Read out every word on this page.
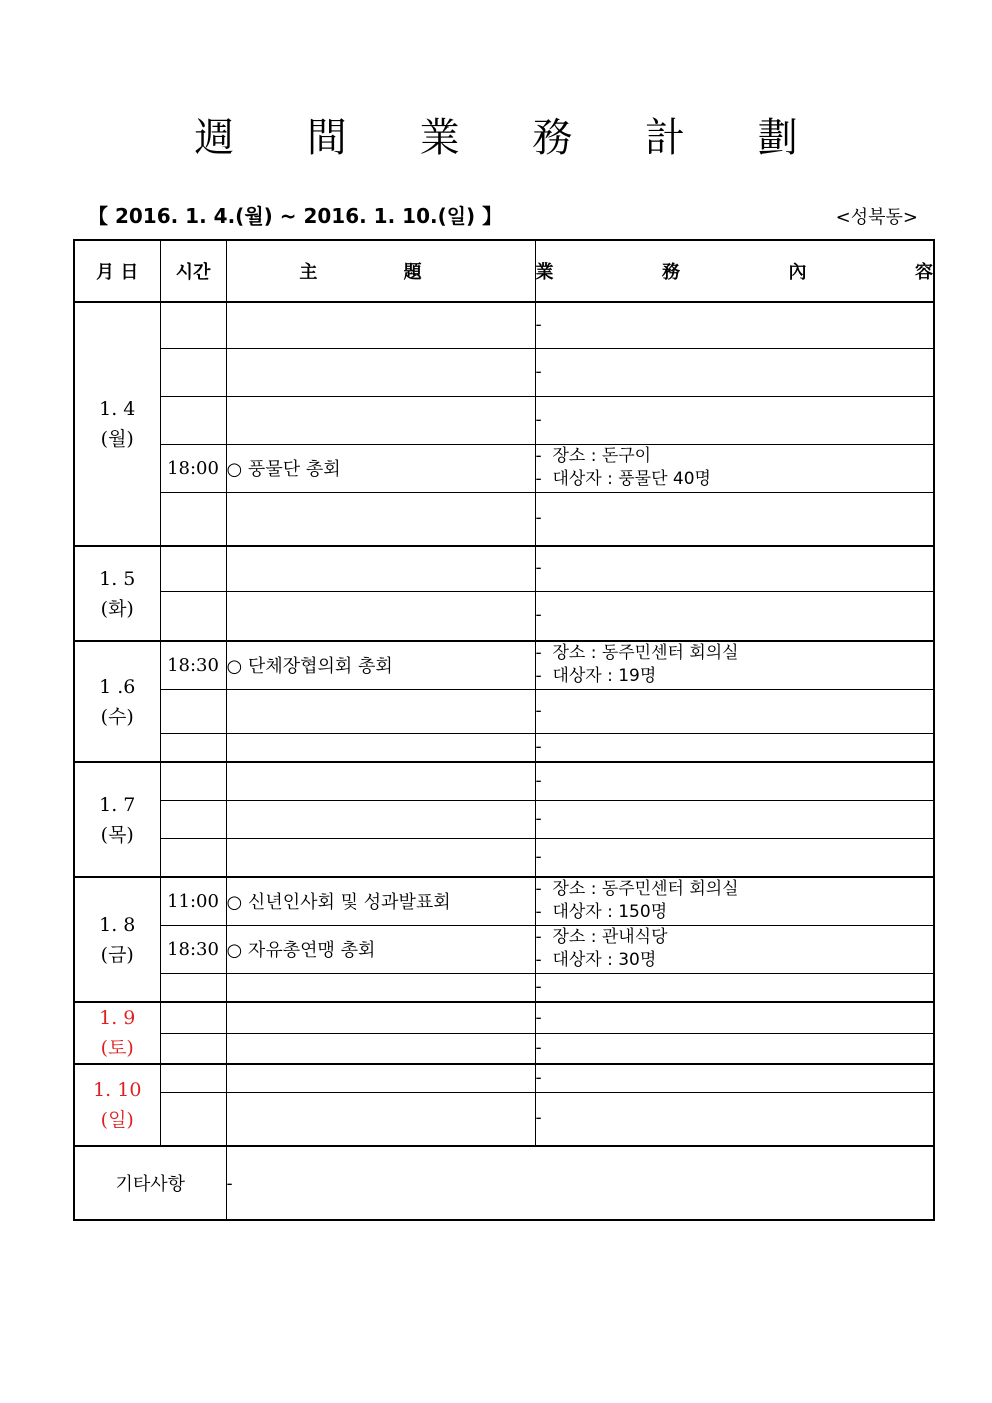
週 間 業 務 計 劃
【 2016. 1. 4.(월) ~ 2016. 1. 10.(일) 】	<성북동>
月 日	시간	主 題	業 務 內 容

1. 4
(월)			-

			-

			-

	18:00	○ 풍물단 총회	-  장소 : 돈구이
-  대상자 : 풍물단 40명

			-

1. 5
(화)			-

			-

1 .6
(수)	18:30	○ 단체장협의회 총회	-  장소 : 동주민센터 회의실
-  대상자 : 19명

			-

			-

1. 7
(목)			-

			-

			-

1. 8
(금)	11:00	○ 신년인사회 및 성과발표회	-  장소 : 동주민센터 회의실
-  대상자 : 150명

	18:30	○ 자유총연맹 총회	-  장소 : 관내식당
-  대상자 : 30명

			-

1. 9
(토)			-

			-

1. 10
(일)			-

			-

기타사항		-	
